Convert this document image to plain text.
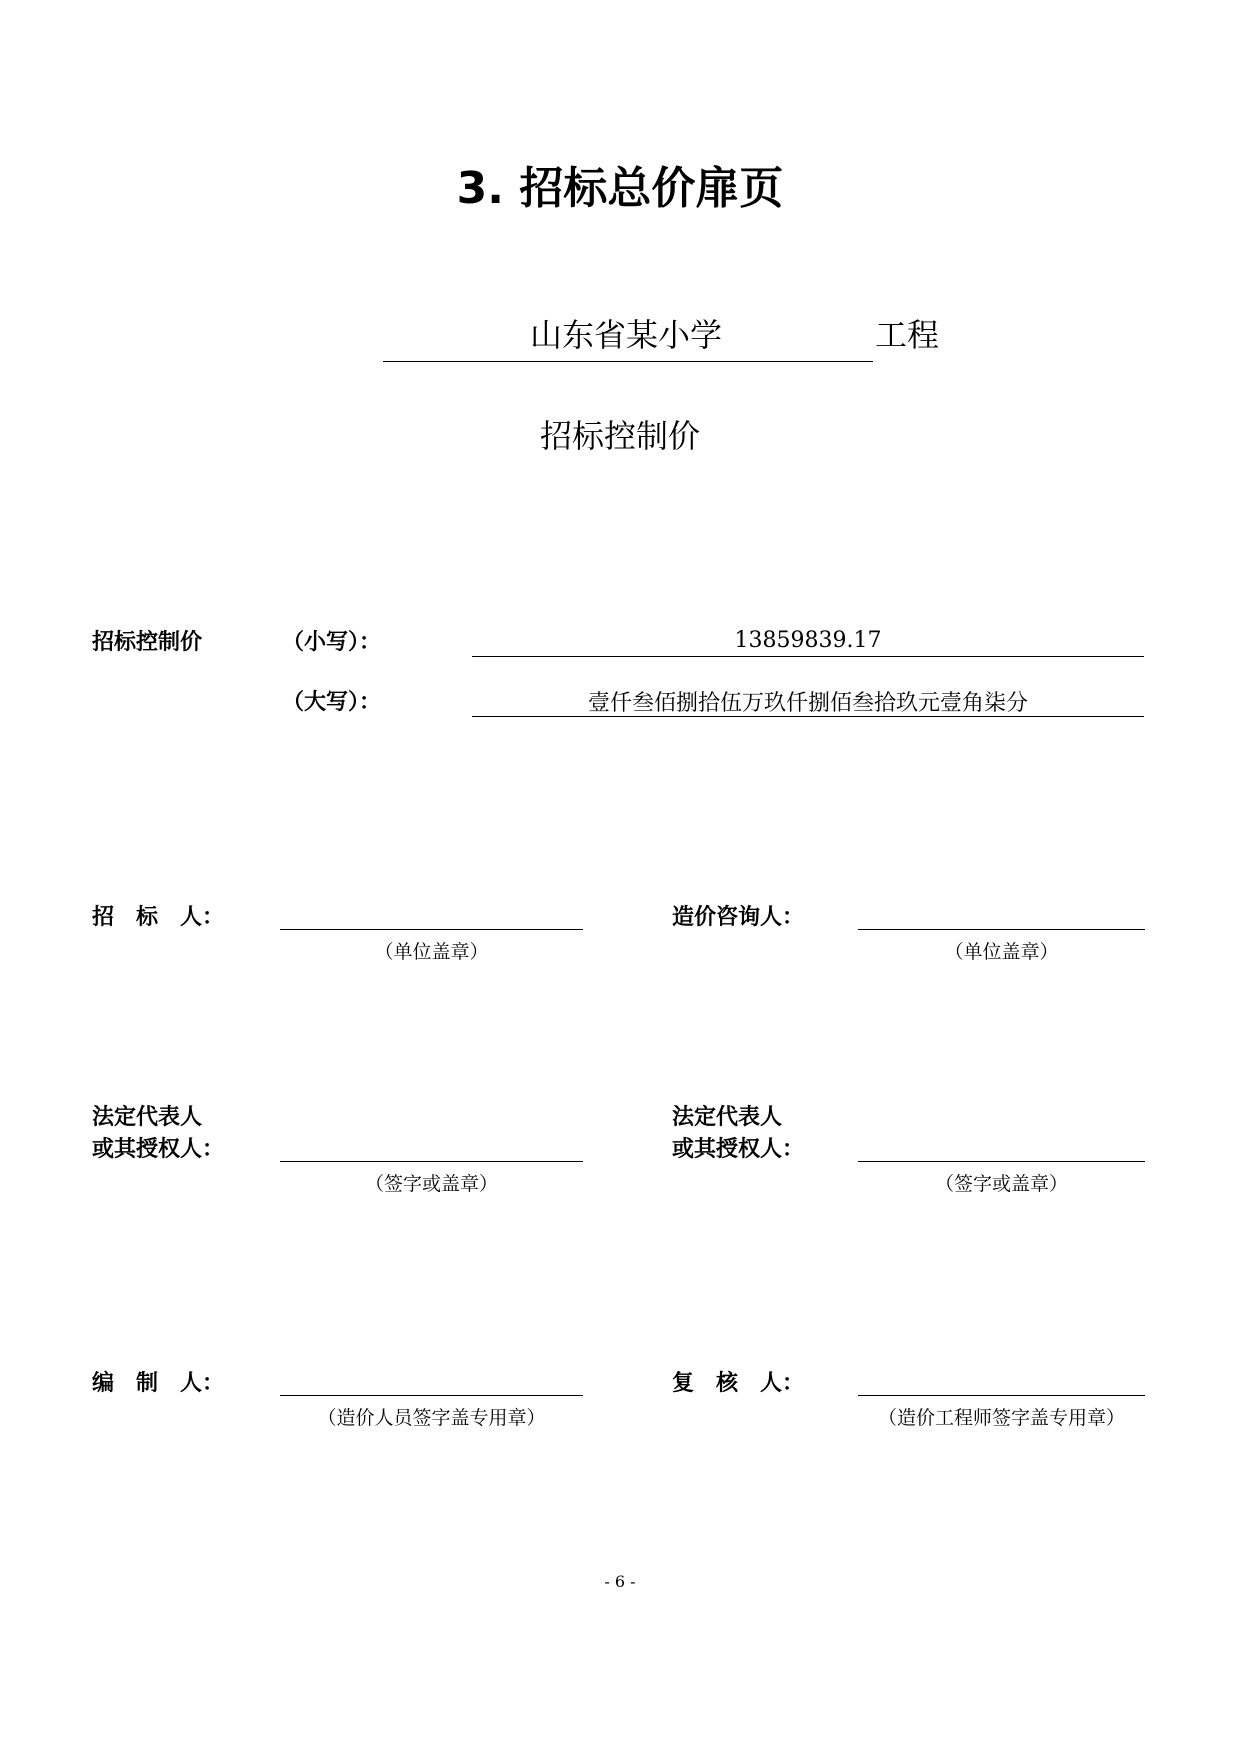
3. 招标总价扉页
山东省某小学	工程
招标控制价
招标控制价	（小写）：	13859839.17
（大写）：	壹仟叁佰捌拾伍万玖仟捌佰叁拾玖元壹角柒分
招　标　人：
（单位盖章）
造价咨询人：
（单位盖章）
法定代表人
或其授权人：
（签字或盖章）
法定代表人
或其授权人：
（签字或盖章）
编　制　人：
（造价人员签字盖专用章）
复　核　人：
（造价工程师签字盖专用章）
- 6 -
